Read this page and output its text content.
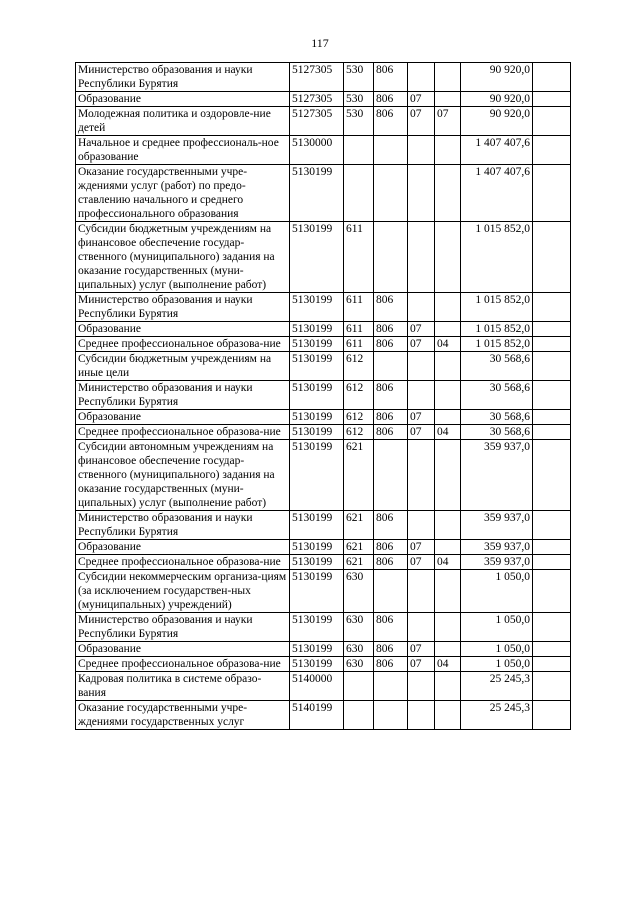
117
Министерство образования и науки Республики Бурятия	5127305	530	806			90 920,0	
Образование	5127305	530	806	07		90 920,0	
Молодежная политика и оздоровле-ние детей	5127305	530	806	07	07	90 920,0	
Начальное и среднее профессиональ-ное образование	5130000					1 407 407,6	
Оказание государственными учре-ждениями услуг (работ) по предо-ставлению начального и среднего профессионального образования	5130199					1 407 407,6	
Субсидии бюджетным учреждениям на финансовое обеспечение государ-ственного (муниципального) задания на оказание государственных (муни-ципальных) услуг (выполнение работ)	5130199	611				1 015 852,0	
Министерство образования и науки Республики Бурятия	5130199	611	806			1 015 852,0	
Образование	5130199	611	806	07		1 015 852,0	
Среднее профессиональное образова-ние	5130199	611	806	07	04	1 015 852,0	
Субсидии бюджетным учреждениям на иные цели	5130199	612				30 568,6	
Министерство образования и науки Республики Бурятия	5130199	612	806			30 568,6	
Образование	5130199	612	806	07		30 568,6	
Среднее профессиональное образова-ние	5130199	612	806	07	04	30 568,6	
Субсидии автономным учреждениям на финансовое обеспечение государ-ственного (муниципального) задания на оказание государственных (муни-ципальных) услуг (выполнение работ)	5130199	621				359 937,0	
Министерство образования и науки Республики Бурятия	5130199	621	806			359 937,0	
Образование	5130199	621	806	07		359 937,0	
Среднее профессиональное образова-ние	5130199	621	806	07	04	359 937,0	
Субсидии некоммерческим организа-циям (за исключением государствен-ных (муниципальных) учреждений)	5130199	630				1 050,0	
Министерство образования и науки Республики Бурятия	5130199	630	806			1 050,0	
Образование	5130199	630	806	07		1 050,0	
Среднее профессиональное образова-ние	5130199	630	806	07	04	1 050,0	
Кадровая политика в системе образо-вания	5140000					25 245,3	
Оказание государственными учре-ждениями государственных услуг	5140199					25 245,3	
